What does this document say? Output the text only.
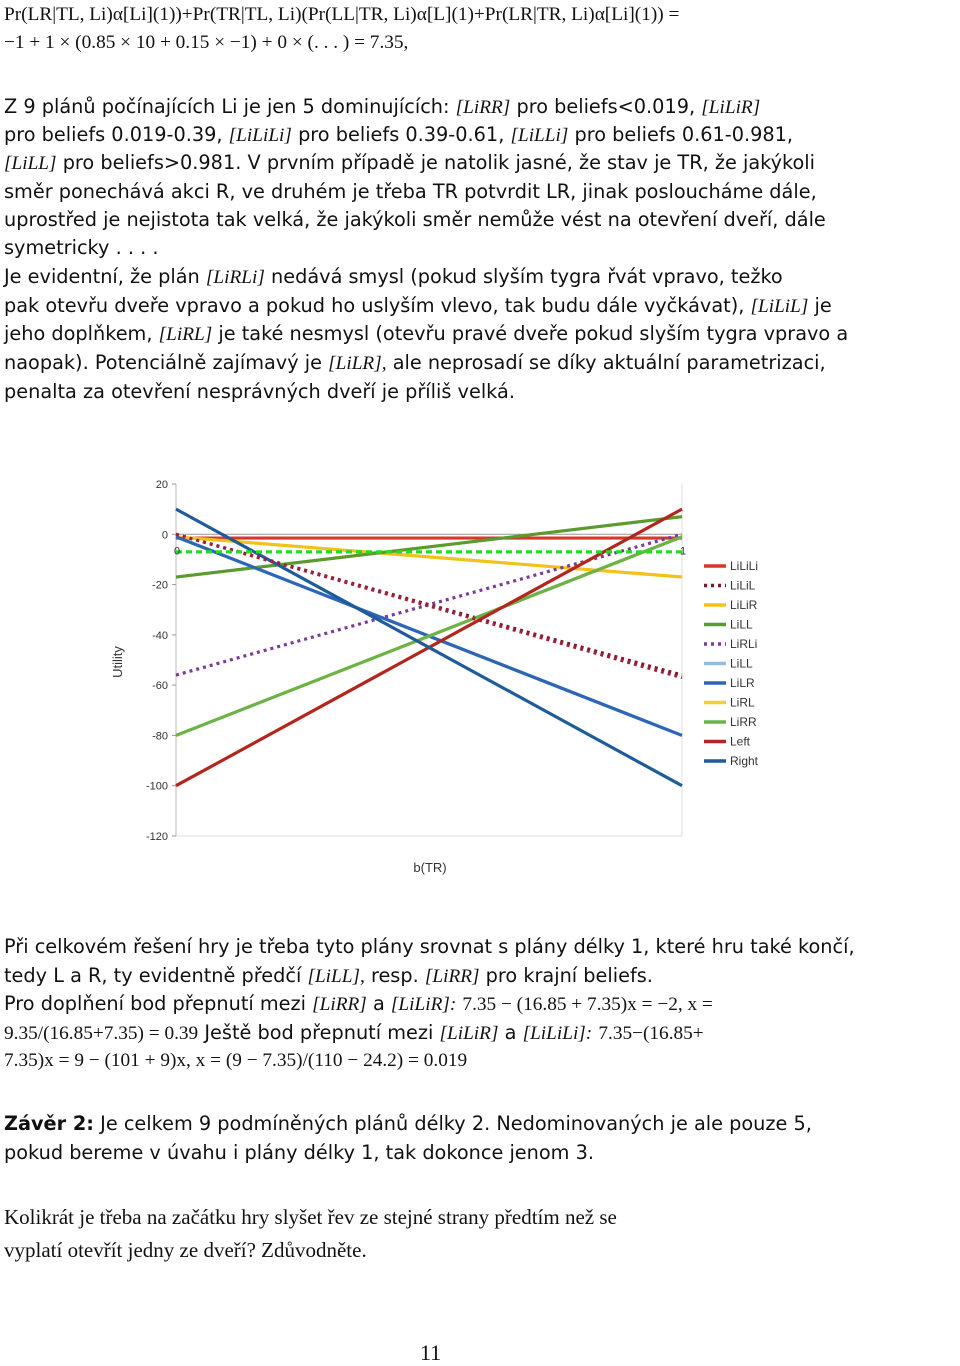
Pr(LR|TL, Li)α[Li](1))+Pr(TR|TL, Li)(Pr(LL|TR, Li)α[L](1)+Pr(LR|TR, Li)α[Li](1)) =
−1 + 1 × (0.85 × 10 + 0.15 × −1) + 0 × (. . . ) = 7.35,
Z 9 plánů počínajících Li je jen 5 dominujících: [LiRR] pro beliefs<0.019, [LiLiR]
pro beliefs 0.019-0.39, [LiLiLi] pro beliefs 0.39-0.61, [LiLLi] pro beliefs 0.61-0.981,
[LiLL] pro beliefs>0.981. V prvním případě je natolik jasné, že stav je TR, že jakýkoli
směr ponechává akci R, ve druhém je třeba TR potvrdit LR, jinak posloucháme dále,
uprostřed je nejistota tak velká, že jakýkoli směr nemůže vést na otevření dveří, dále
symetricky . . . .
Je evidentní, že plán [LiRLi] nedává smysl (pokud slyším tygra řvát vpravo, težko
pak otevřu dveře vpravo a pokud ho uslyším vlevo, tak budu dále vyčkávat), [LiLiL] je
jeho doplňkem, [LiRL] je také nesmysl (otevřu pravé dveře pokud slyším tygra vpravo a
naopak). Potenciálně zajímavý je [LiLR], ale neprosadí se díky aktuální parametrizaci,
penalta za otevření nesprávných dveří je příliš velká.
20
0
-20
-40
-60
-80
-100
-120
0	1
LiLiLi
LiLiL
LiLiR
LiLL
LiRLi
LiLL
LiLR
LiRL
LiRR
Left
Right
Utility
b(TR)
Při celkovém řešení hry je třeba tyto plány srovnat s plány délky 1, které hru také končí,
tedy L a R, ty evidentně předčí [LiLL], resp. [LiRR] pro krajní beliefs.
Pro doplňení bod přepnutí mezi [LiRR] a [LiLiR]: 7.35 − (16.85 + 7.35)x = −2, x =
9.35/(16.85+7.35) = 0.39 Ještě bod přepnutí mezi [LiLiR] a [LiLiLi]: 7.35−(16.85+
7.35)x = 9 − (101 + 9)x, x = (9 − 7.35)/(110 − 24.2) = 0.019
Závěr 2: Je celkem 9 podmíněných plánů délky 2. Nedominovaných je ale pouze 5,
pokud bereme v úvahu i plány délky 1, tak dokonce jenom 3.
Kolikrát je třeba na začátku hry slyšet řev ze stejné strany předtím než se
vyplatí otevřít jedny ze dveří? Zdůvodněte.
11
